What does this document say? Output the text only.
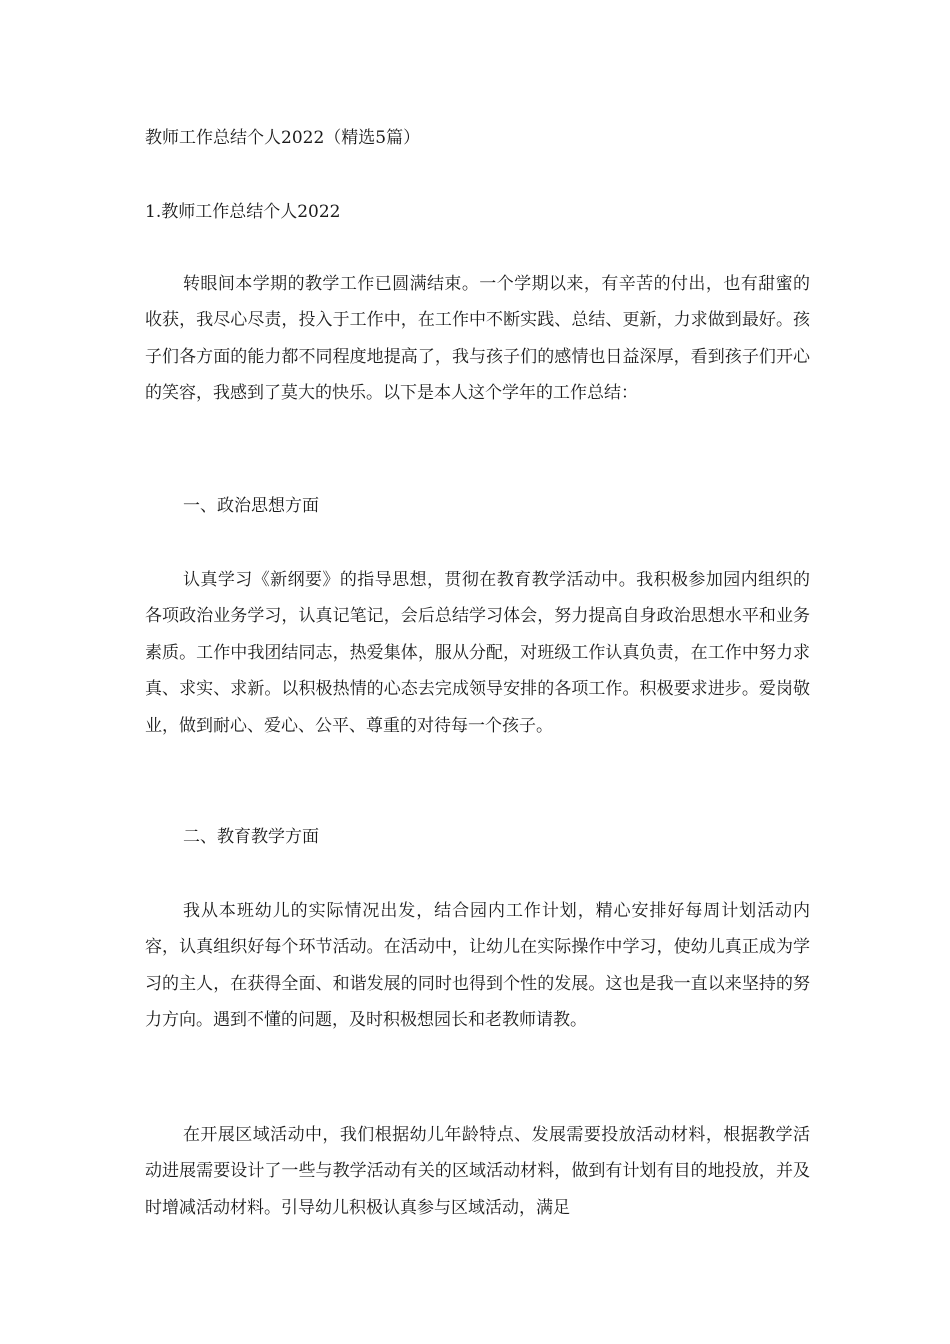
教师工作总结个人2022（精选5篇）

1.教师工作总结个人2022

转眼间本学期的教学工作已圆满结束。一个学期以来，有辛苦的付出，也有甜蜜的收获，我尽心尽责，投入于工作中，在工作中不断实践、总结、更新，力求做到最好。孩子们各方面的能力都不同程度地提高了，我与孩子们的感情也日益深厚，看到孩子们开心的笑容，我感到了莫大的快乐。以下是本人这个学年的工作总结：

一、政治思想方面

认真学习《新纲要》的指导思想，贯彻在教育教学活动中。我积极参加园内组织的各项政治业务学习，认真记笔记，会后总结学习体会，努力提高自身政治思想水平和业务素质。工作中我团结同志，热爱集体，服从分配，对班级工作认真负责，在工作中努力求真、求实、求新。以积极热情的心态去完成领导安排的各项工作。积极要求进步。爱岗敬业，做到耐心、爱心、公平、尊重的对待每一个孩子。

二、教育教学方面

我从本班幼儿的实际情况出发，结合园内工作计划，精心安排好每周计划活动内容，认真组织好每个环节活动。在活动中，让幼儿在实际操作中学习，使幼儿真正成为学习的主人，在获得全面、和谐发展的同时也得到个性的发展。这也是我一直以来坚持的努力方向。遇到不懂的问题，及时积极想园长和老教师请教。

在开展区域活动中，我们根据幼儿年龄特点、发展需要投放活动材料，根据教学活动进展需要设计了一些与教学活动有关的区域活动材料，做到有计划有目的地投放，并及时增减活动材料。引导幼儿积极认真参与区域活动，满足
